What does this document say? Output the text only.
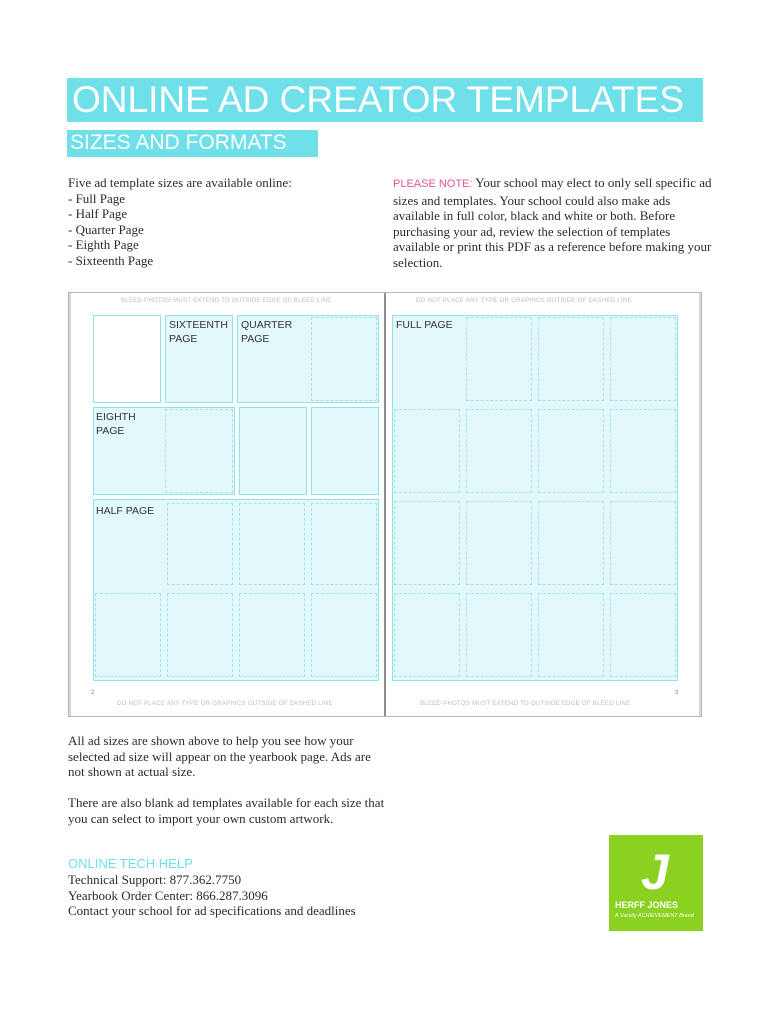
ONLINE AD CREATOR TEMPLATES
SIZES AND FORMATS
Five ad template sizes are available online:
- Full Page
- Half Page
- Quarter Page
- Eighth Page
- Sixteenth Page
PLEASE NOTE: Your school may elect to only sell specific ad sizes and templates. Your school could also make ads available in full color, black and white or both. Before purchasing your ad, review the selection of templates available or print this PDF as a reference before making your selection.
BLEED PHOTOS MUST EXTEND TO OUTSIDE EDGE OF BLEED LINE
DO NOT PLACE ANY TYPE OR GRAPHICS OUTSIDE OF DASHED LINE
2
SIXTEENTH PAGE
QUARTER PAGE
EIGHTH PAGE
HALF PAGE
DO NOT PLACE ANY TYPE OR GRAPHICS OUTSIDE OF DASHED LINE
BLEED PHOTOS MUST EXTEND TO OUTSIDE EDGE OF BLEED LINE
3
FULL PAGE
All ad sizes are shown above to help you see how your selected ad size will appear on the yearbook page. Ads are not shown at actual size.
There are also blank ad templates available for each size that you can select to import your own custom artwork.
ONLINE TECH HELP
Technical Support: 877.362.7750
Yearbook Order Center: 866.287.3096
Contact your school for ad specifications and deadlines
J
HERFF JONES
A Varsity ACHIEVEMENT Brand
